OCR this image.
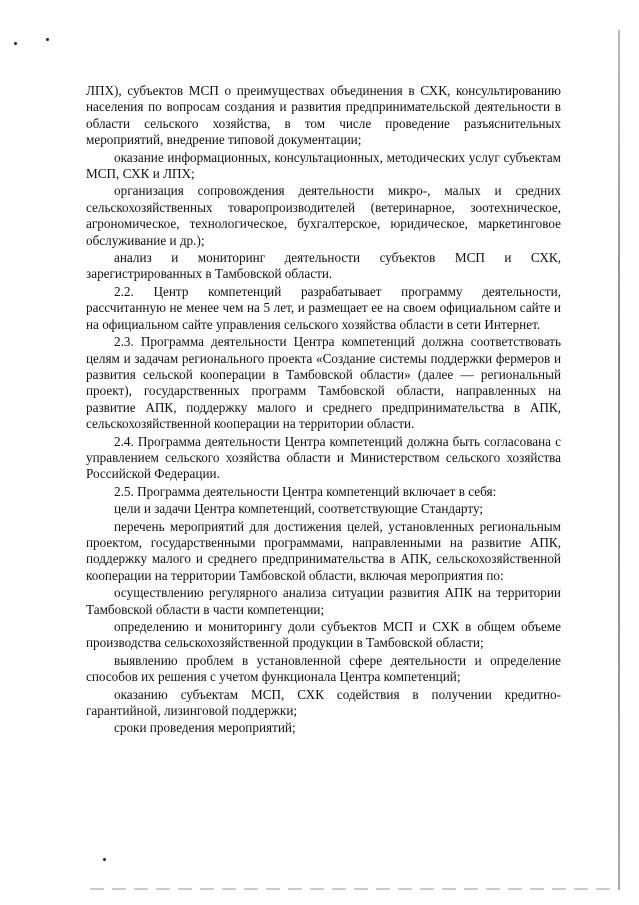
ЛПХ), субъектов МСП о преимуществах объединения в СХК, консультированию населения по вопросам создания и развития предпринимательской деятельности в области сельского хозяйства, в том числе проведение разъяснительных мероприятий, внедрение типовой документации;

оказание информационных, консультационных, методических услуг субъектам МСП, СХК и ЛПХ;

организация сопровождения деятельности микро-, малых и средних сельскохозяйственных товаропроизводителей (ветеринарное, зоотехническое, агрономическое, технологическое, бухгалтерское, юридическое, маркетинговое обслуживание и др.);

анализ и мониторинг деятельности субъектов МСП и СХК, зарегистрированных в Тамбовской области.

2.2. Центр компетенций разрабатывает программу деятельности, рассчитанную не менее чем на 5 лет, и размещает ее на своем официальном сайте и на официальном сайте управления сельского хозяйства области в сети Интернет.

2.3. Программа деятельности Центра компетенций должна соответствовать целям и задачам регионального проекта «Создание системы поддержки фермеров и развития сельской кооперации в Тамбовской области» (далее — региональный проект), государственных программ Тамбовской области, направленных на развитие АПК, поддержку малого и среднего предпринимательства в АПК, сельскохозяйственной кооперации на территории области.

2.4. Программа деятельности Центра компетенций должна быть согласована с управлением сельского хозяйства области и Министерством сельского хозяйства Российской Федерации.

2.5. Программа деятельности Центра компетенций включает в себя:

цели и задачи Центра компетенций, соответствующие Стандарту;

перечень мероприятий для достижения целей, установленных региональным проектом, государственными программами, направленными на развитие АПК, поддержку малого и среднего предпринимательства в АПК, сельскохозяйственной кооперации на территории Тамбовской области, включая мероприятия по:

осуществлению регулярного анализа ситуации развития АПК на территории Тамбовской области в части компетенции;

определению и мониторингу доли субъектов МСП и СХК в общем объеме производства сельскохозяйственной продукции в Тамбовской области;

выявлению проблем в установленной сфере деятельности и определение способов их решения с учетом функционала Центра компетенций;

оказанию субъектам МСП, СХК содействия в получении кредитно-гарантийной, лизинговой поддержки;

сроки проведения мероприятий;
